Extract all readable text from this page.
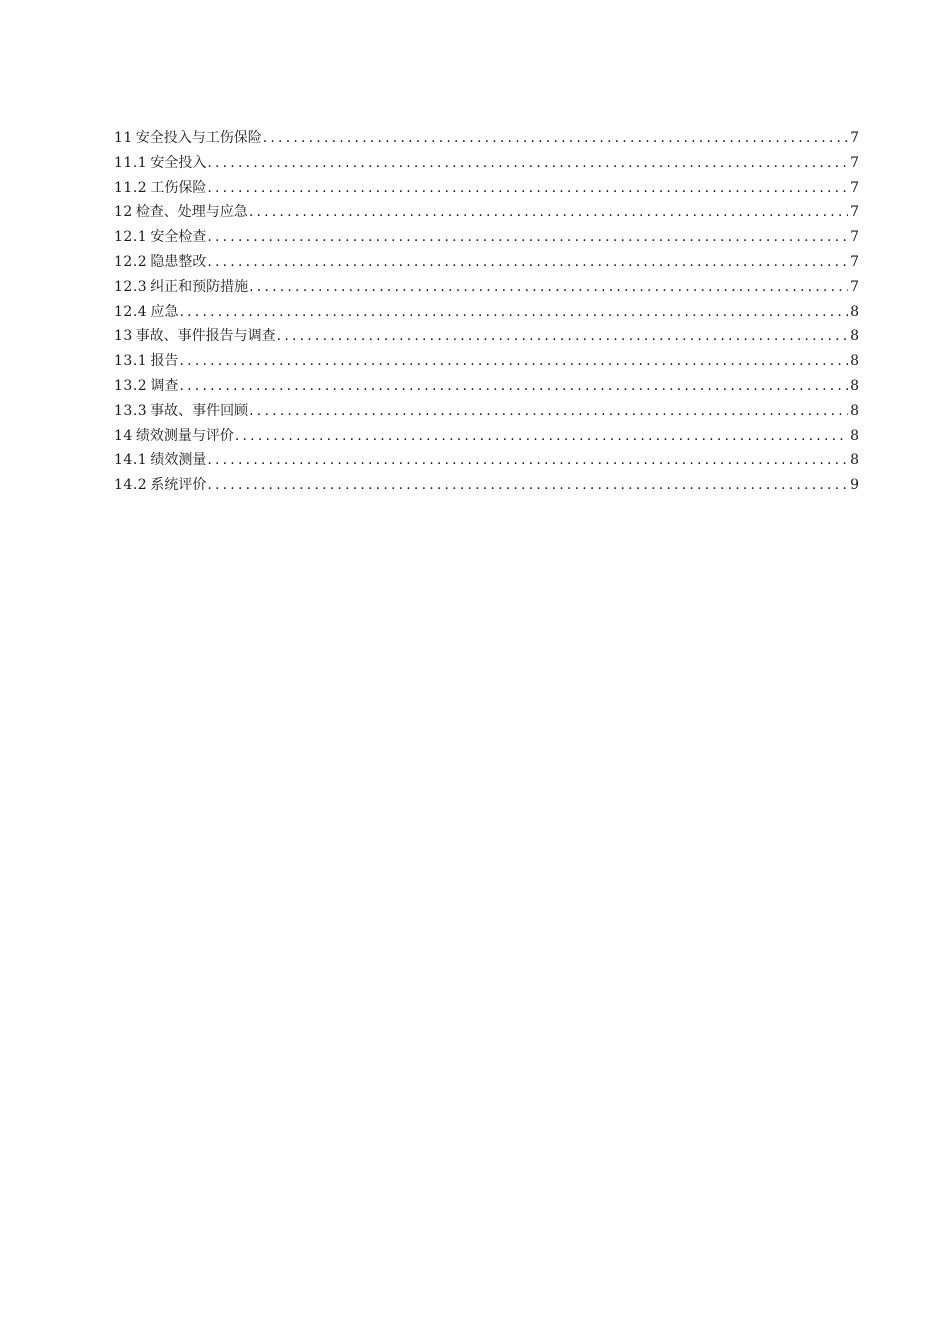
11 安全投入与工伤保险 .....	7
11.1 安全投入 .....	7
11.2 工伤保险 .....	7
12 检查、处理与应急 .....	7
12.1 安全检查 .....	7
12.2 隐患整改 .....	7
12.3 纠正和预防措施 .....	7
12.4 应急 .....	8
13 事故、事件报告与调查 .....	8
13.1 报告 .....	8
13.2 调查 .....	8
13.3 事故、事件回顾 .....	8
14 绩效测量与评价 .....	8
14.1 绩效测量 .....	8
14.2 系统评价 .....	9
